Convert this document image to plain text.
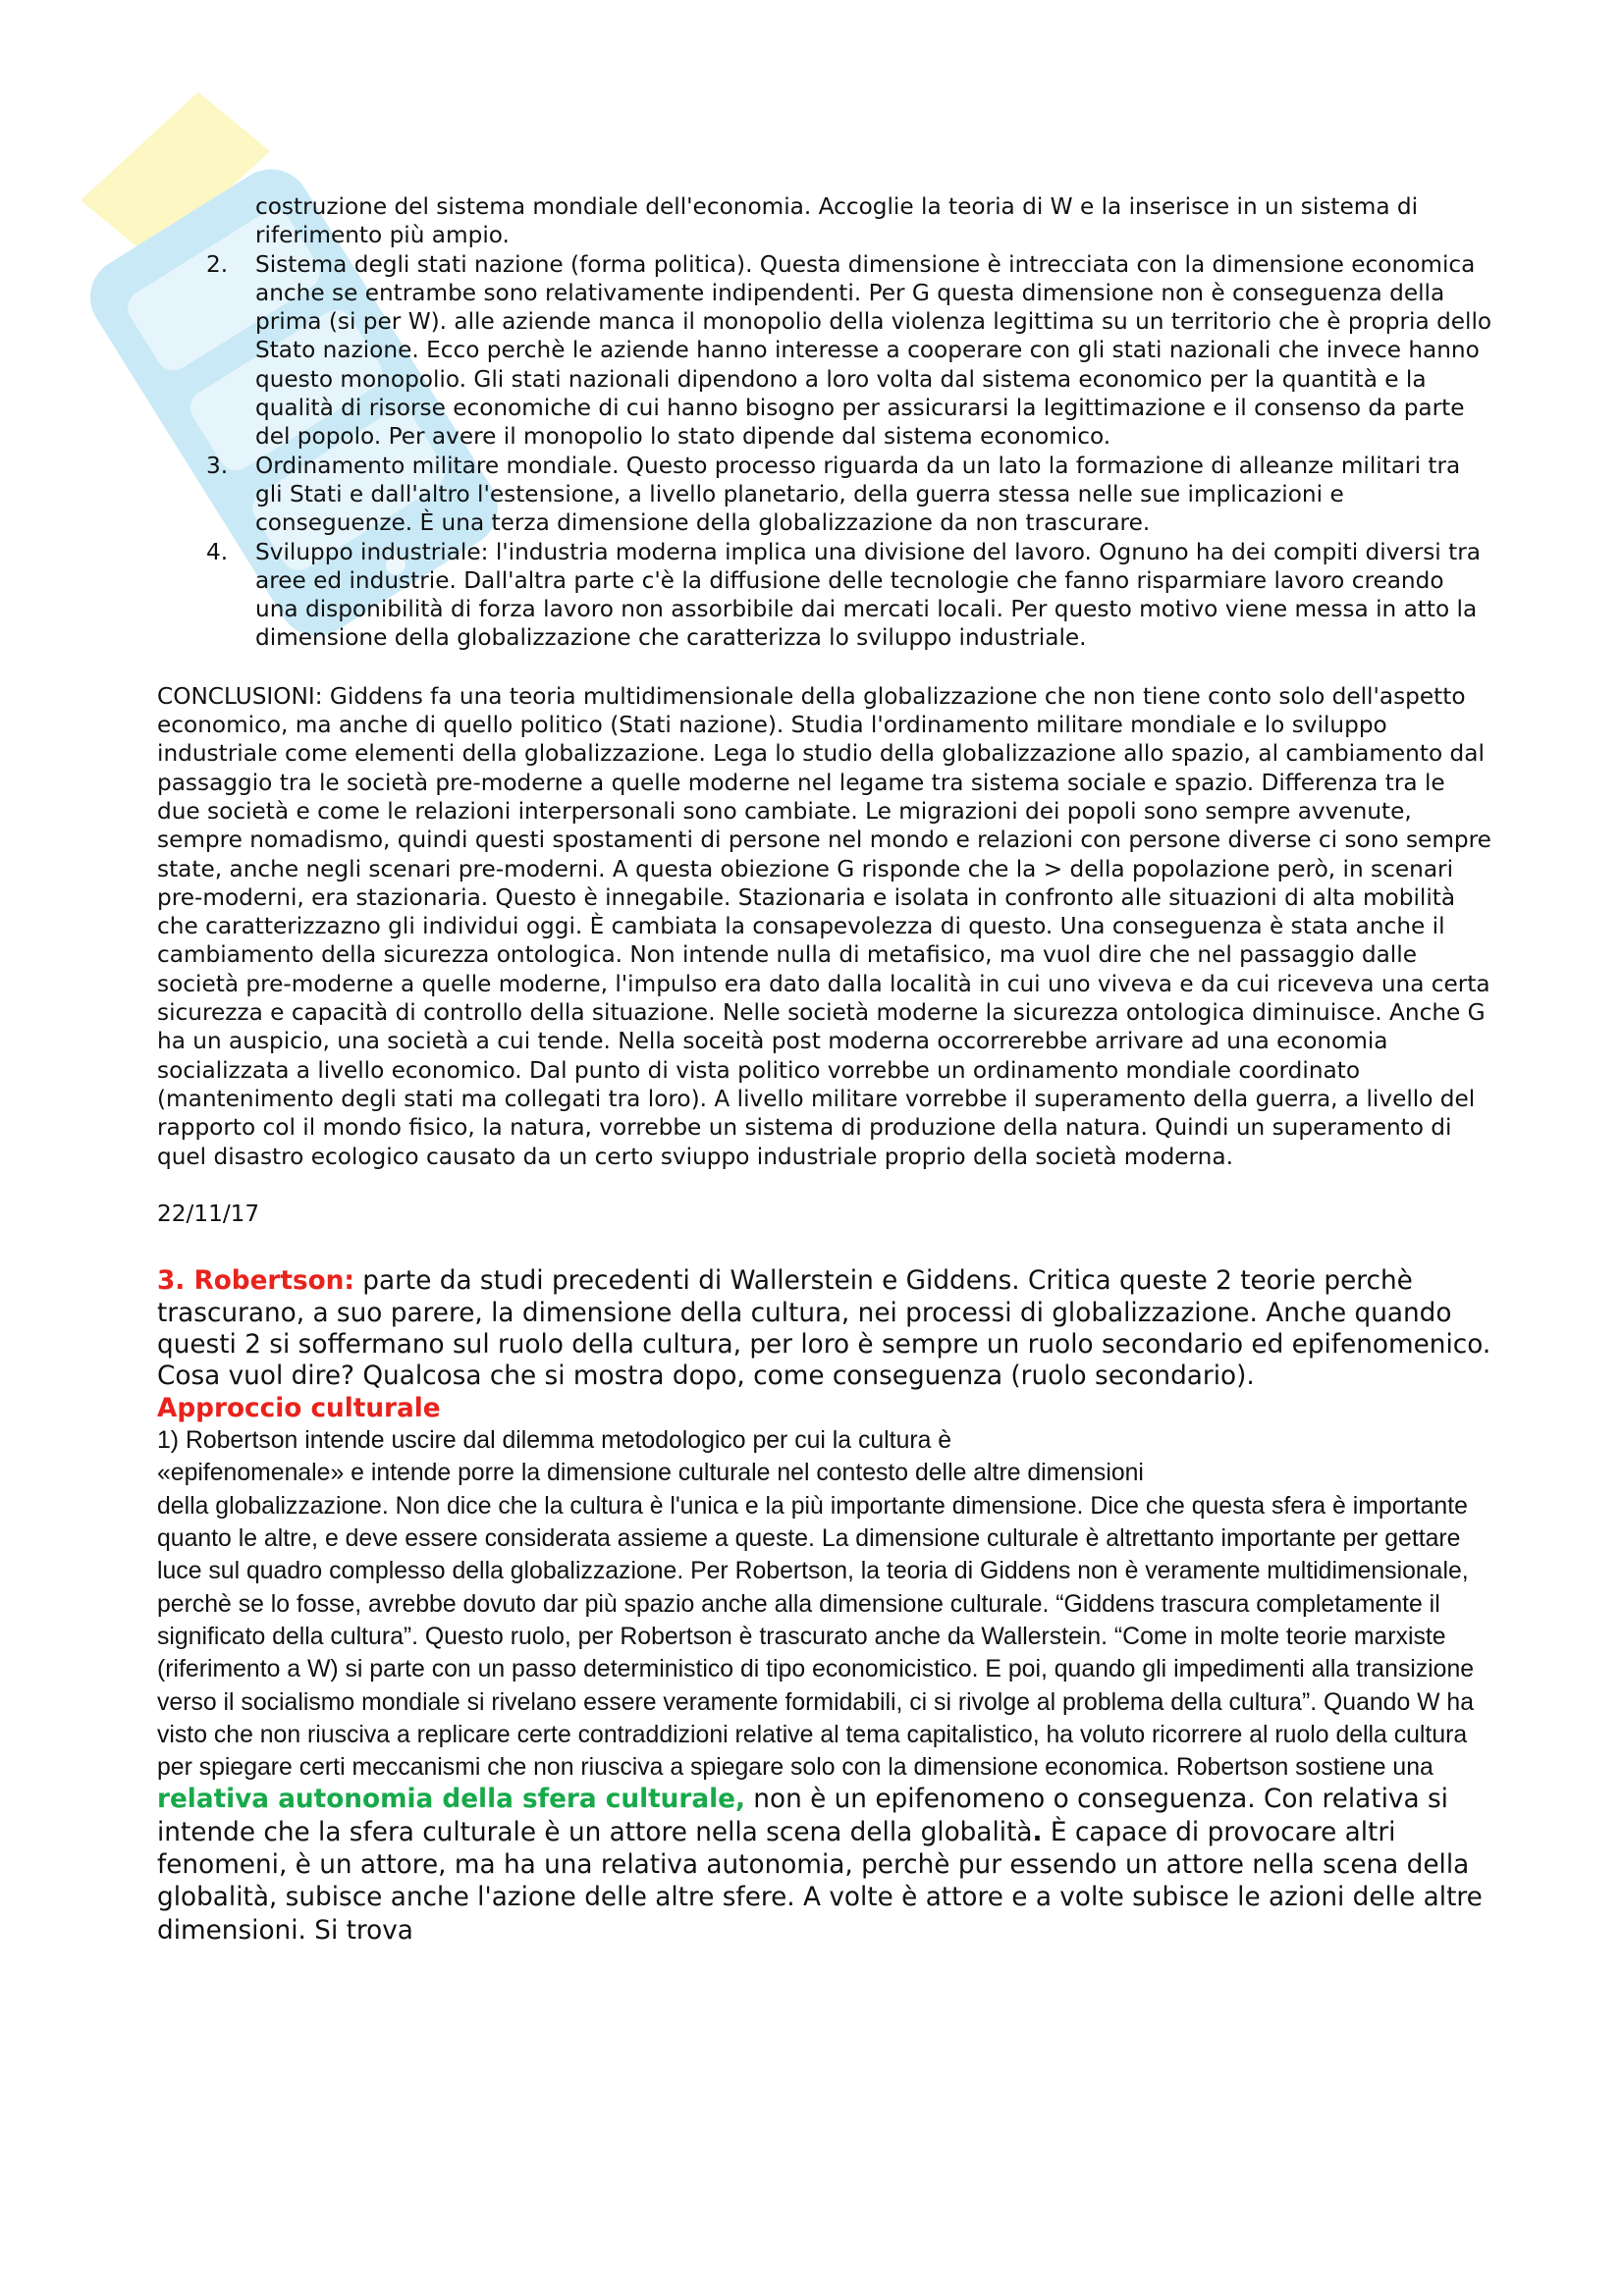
costruzione del sistema mondiale dell'economia. Accoglie la teoria di W e la inserisce in un sistema di riferimento più ampio.
2.	Sistema degli stati nazione (forma politica). Questa dimensione è intrecciata con la dimensione economica anche se entrambe sono relativamente indipendenti. Per G questa dimensione non è conseguenza della prima (si per W). alle aziende manca il monopolio della violenza legittima su un territorio che è propria dello Stato nazione. Ecco perchè le aziende hanno interesse a cooperare con gli stati nazionali che invece hanno questo monopolio. Gli stati nazionali dipendono a loro volta dal sistema economico per la quantità e la qualità di risorse economiche di cui hanno bisogno per assicurarsi la legittimazione e il consenso da parte del popolo. Per avere il monopolio lo stato dipende dal sistema economico.
3.	Ordinamento militare mondiale. Questo processo riguarda da un lato la formazione di alleanze militari tra gli Stati e dall'altro l'estensione, a livello planetario, della guerra stessa nelle sue implicazioni e conseguenze. È una terza dimensione della globalizzazione da non trascurare.
4.	Sviluppo industriale: l'industria moderna implica una divisione del lavoro. Ognuno ha dei compiti diversi tra aree ed industrie. Dall'altra parte c'è la diffusione delle tecnologie che fanno risparmiare lavoro creando una disponibilità di forza lavoro non assorbibile dai mercati locali. Per questo motivo viene messa in atto la dimensione della globalizzazione che caratterizza lo sviluppo industriale.
CONCLUSIONI: Giddens fa una teoria multidimensionale della globalizzazione che non tiene conto solo dell'aspetto economico, ma anche di quello politico (Stati nazione). Studia l'ordinamento militare mondiale e lo sviluppo industriale come elementi della globalizzazione. Lega lo studio della globalizzazione allo spazio, al cambiamento dal passaggio tra le società pre-moderne a quelle moderne nel legame tra sistema sociale e spazio. Differenza tra le due società e come le relazioni interpersonali sono cambiate. Le migrazioni dei popoli sono sempre avvenute, sempre nomadismo, quindi questi spostamenti di persone nel mondo e relazioni con persone diverse ci sono sempre state, anche negli scenari pre-moderni. A questa obiezione G risponde che la > della popolazione però, in scenari pre-moderni, era stazionaria. Questo è innegabile. Stazionaria e isolata in confronto alle situazioni di alta mobilità che caratterizzazno gli individui oggi. È cambiata la consapevolezza di questo. Una conseguenza è stata anche il cambiamento della sicurezza ontologica. Non intende nulla di metafisico, ma vuol dire che nel passaggio dalle società pre-moderne a quelle moderne, l'impulso era dato dalla località in cui uno viveva e da cui riceveva una certa sicurezza e capacità di controllo della situazione. Nelle società moderne la sicurezza ontologica diminuisce. Anche G ha un auspicio, una società a cui tende. Nella soceità post moderna occorrerebbe arrivare ad una economia socializzata a livello economico. Dal punto di vista politico vorrebbe un ordinamento mondiale coordinato (mantenimento degli stati ma collegati tra loro). A livello militare vorrebbe il superamento della guerra, a livello del rapporto col il mondo fisico, la natura, vorrebbe un sistema di produzione della natura. Quindi un superamento di quel disastro ecologico causato da un certo sviuppo industriale proprio della società moderna.
22/11/17
3. Robertson: parte da studi precedenti di Wallerstein e Giddens. Critica queste 2 teorie perchè trascurano, a suo parere, la dimensione della cultura, nei processi di globalizzazione. Anche quando questi 2 si soffermano sul ruolo della cultura, per loro è sempre un ruolo secondario ed epifenomenico. Cosa vuol dire? Qualcosa che si mostra dopo, come conseguenza (ruolo secondario).
Approccio culturale
1) Robertson intende uscire dal dilemma metodologico per cui la cultura è
«epifenomenale» e intende porre la dimensione culturale nel contesto delle altre dimensioni
della globalizzazione. Non dice che la cultura è l'unica e la più importante dimensione. Dice che questa sfera è importante quanto le altre, e deve essere considerata assieme a queste. La dimensione culturale è altrettanto importante per gettare luce sul quadro complesso della globalizzazione. Per Robertson, la teoria di Giddens non è veramente multidimensionale, perchè se lo fosse, avrebbe dovuto dar più spazio anche alla dimensione culturale. “Giddens trascura completamente il significato della cultura”. Questo ruolo, per Robertson è trascurato anche da Wallerstein. “Come in molte teorie marxiste (riferimento a W) si parte con un passo deterministico di tipo economicistico. E poi, quando gli impedimenti alla transizione verso il socialismo mondiale si rivelano essere veramente formidabili, ci si rivolge al problema della cultura”. Quando W ha visto che non riusciva a replicare certe contraddizioni relative al tema capitalistico, ha voluto ricorrere al ruolo della cultura per spiegare certi meccanismi che non riusciva a spiegare solo con la dimensione economica. Robertson sostiene una relativa autonomia della sfera culturale, non è un epifenomeno o conseguenza. Con relativa si intende che la sfera culturale è un attore nella scena della globalità. È capace di provocare altri fenomeni, è un attore, ma ha una relativa autonomia, perchè pur essendo un attore nella scena della globalità, subisce anche l'azione delle altre sfere. A volte è attore e a volte subisce le azioni delle altre dimensioni. Si trova
